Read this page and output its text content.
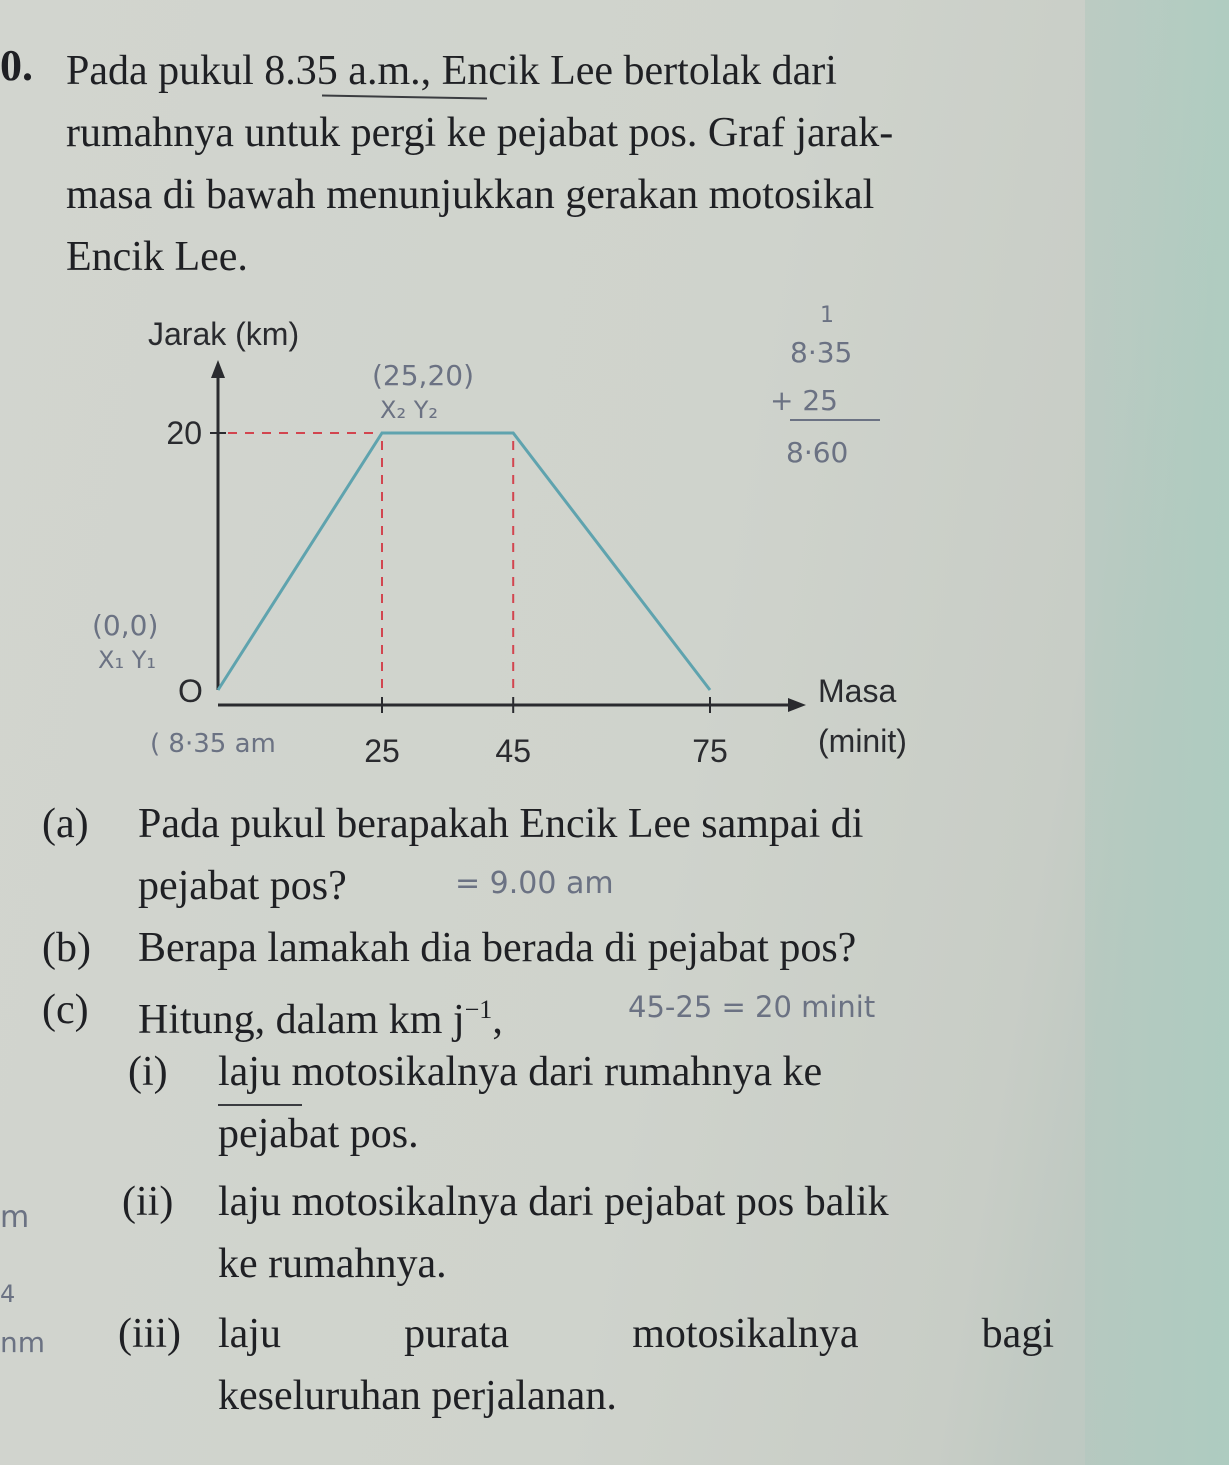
0. Pada pukul 8.35 a.m., Encik Lee bertolak dari
rumahnya untuk pergi ke pejabat pos. Graf jarak-
masa di bawah menunjukkan gerakan motosikal
Encik Lee.
Jarak (km)
Masa
(minit)
O
25	45	75
20
(25,20)
X₂ Y₂
(0,0)
X₁ Y₁
( 8·35 am
1
8·35
+ 25
8·60
(a) Pada pukul berapakah Encik Lee sampai di
pejabat pos?	= 9.00 am
(b) Berapa lamakah dia berada di pejabat pos?
(c) Hitung, dalam km $j^{-1}$,	45-25 = 20 minit
(i) laju motosikalnya dari rumahnya ke
pejabat pos.
(ii) laju motosikalnya dari pejabat pos balik
ke rumahnya.
(iii) laju	purata	motosikalnya	bagi
keseluruhan perjalanan.
m
4
nm
